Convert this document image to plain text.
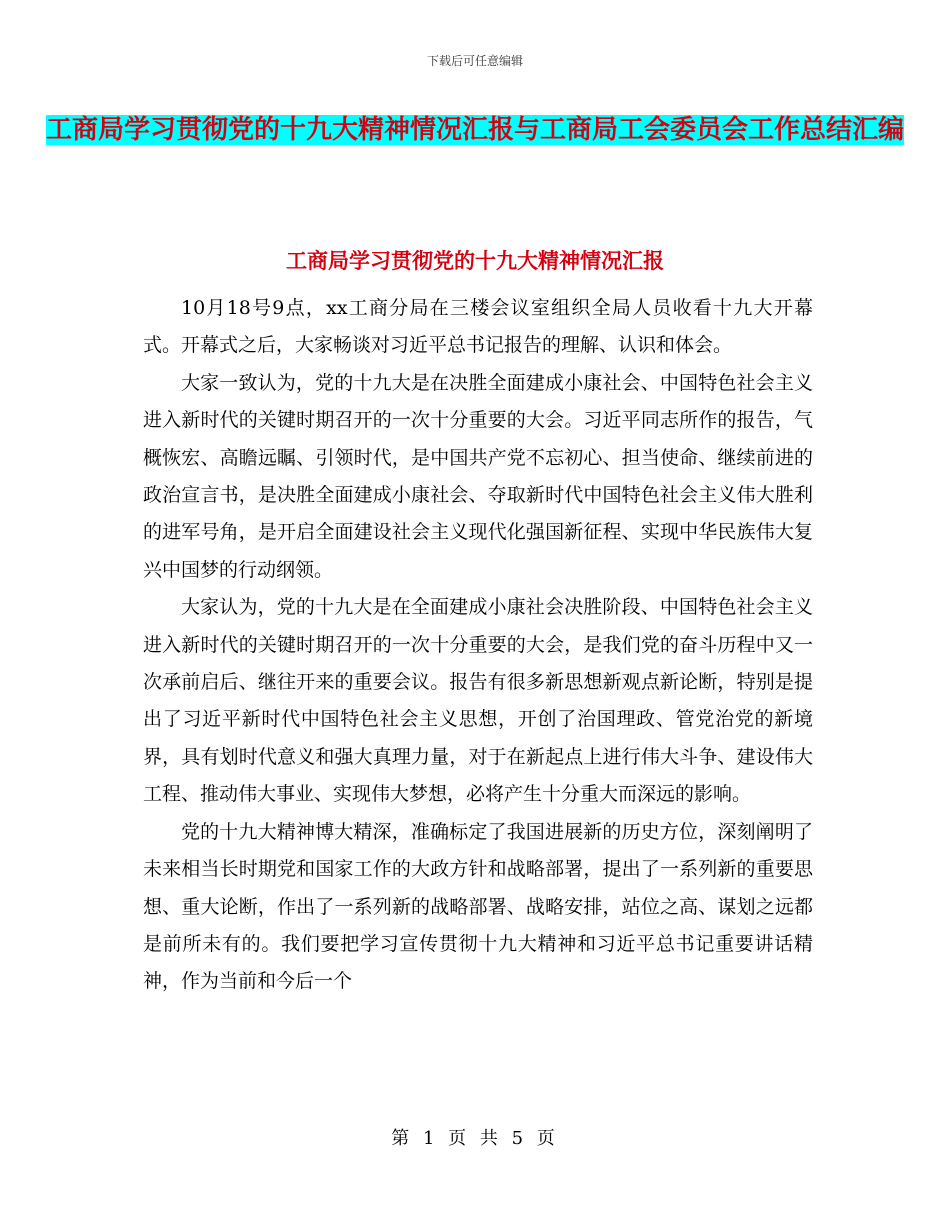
下载后可任意编辑
工商局学习贯彻党的十九大精神情况汇报与工商局工会委员会工作总结汇编
工商局学习贯彻党的十九大精神情况汇报

10月18号9点，xx工商分局在三楼会议室组织全局人员收看十九大开幕式。开幕式之后，大家畅谈对习近平总书记报告的理解、认识和体会。

大家一致认为，党的十九大是在决胜全面建成小康社会、中国特色社会主义进入新时代的关键时期召开的一次十分重要的大会。习近平同志所作的报告，气概恢宏、高瞻远瞩、引领时代，是中国共产党不忘初心、担当使命、继续前进的政治宣言书，是决胜全面建成小康社会、夺取新时代中国特色社会主义伟大胜利的进军号角，是开启全面建设社会主义现代化强国新征程、实现中华民族伟大复兴中国梦的行动纲领。

大家认为，党的十九大是在全面建成小康社会决胜阶段、中国特色社会主义进入新时代的关键时期召开的一次十分重要的大会，是我们党的奋斗历程中又一次承前启后、继往开来的重要会议。报告有很多新思想新观点新论断，特别是提出了习近平新时代中国特色社会主义思想，开创了治国理政、管党治党的新境界，具有划时代意义和强大真理力量，对于在新起点上进行伟大斗争、建设伟大工程、推动伟大事业、实现伟大梦想，必将产生十分重大而深远的影响。

党的十九大精神博大精深，准确标定了我国进展新的历史方位，深刻阐明了未来相当长时期党和国家工作的大政方针和战略部署，提出了一系列新的重要思想、重大论断，作出了一系列新的战略部署、战略安排，站位之高、谋划之远都是前所未有的。我们要把学习宣传贯彻十九大精神和习近平总书记重要讲话精神，作为当前和今后一个

第 1 页 共 5 页
